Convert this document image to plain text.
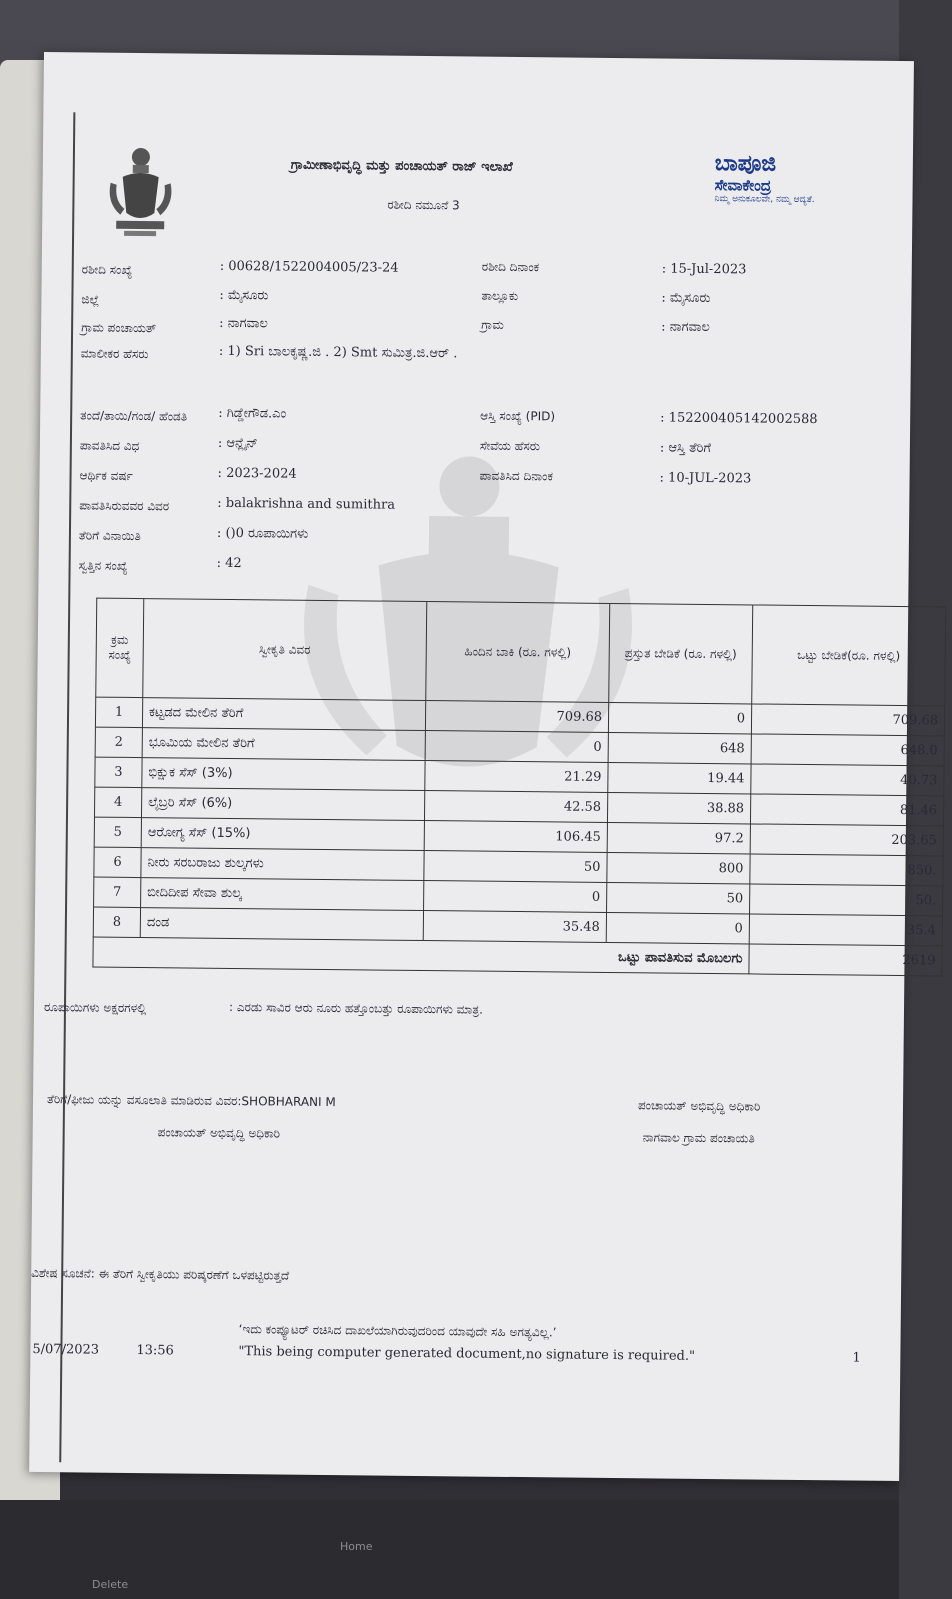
Delete
Home
ಗ್ರಾಮೀಣಾಭಿವೃದ್ಧಿ ಮತ್ತು ಪಂಚಾಯತ್ ರಾಜ್ ಇಲಾಖೆ
ರಶೀದಿ ನಮೂನೆ 3
ಬಾಪೂಜಿ
ಸೇವಾಕೇಂದ್ರ
ನಿಮ್ಮ ಅನುಕೂಲವೇ, ನಮ್ಮ ಆದ್ಯತೆ.
ರಶೀದಿ ಸಂಖ್ಯೆ	: 00628/1522004005/23-24	ರಶೀದಿ ದಿನಾಂಕ	: 15-Jul-2023
ಜಿಲ್ಲೆ	: ಮೈಸೂರು	ತಾಲ್ಲೂಕು	: ಮೈಸೂರು
ಗ್ರಾಮ ಪಂಚಾಯತ್	: ನಾಗವಾಲ	ಗ್ರಾಮ	: ನಾಗವಾಲ
ಮಾಲೀಕರ ಹೆಸರು	: 1) Sri ಬಾಲಕೃಷ್ಣ.ಜಿ . 2) Smt ಸುಮಿತ್ರ.ಜಿ.ಆರ್ .
ತಂದೆ/ತಾಯಿ/ಗಂಡ/ ಹೆಂಡತಿ : ಗಿಡ್ಡೇಗೌಡ.ಎಂ	ಆಸ್ತಿ ಸಂಖ್ಯೆ (PID)	: 152200405142002588
ಪಾವತಿಸಿದ ವಿಧ	: ಆನ್ಲೈನ್	ಸೇವೆಯ ಹೆಸರು	: ಆಸ್ತಿ ತೆರಿಗೆ
ಆರ್ಥಿಕ ವರ್ಷ	: 2023-2024	ಪಾವತಿಸಿದ ದಿನಾಂಕ	: 10-JUL-2023
ಪಾವತಿಸಿರುವವರ ವಿವರ	: balakrishna and sumithra
ತೆರಿಗೆ ವಿನಾಯಿತಿ	: ()0 ರೂಪಾಯಿಗಳು
ಸ್ವತ್ತಿನ ಸಂಖ್ಯೆ	: 42
ಕ್ರಮ ಸಂಖ್ಯೆ	ಸ್ವೀಕೃತಿ ವಿವರ	ಹಿಂದಿನ ಬಾಕಿ (ರೂ. ಗಳಲ್ಲಿ)	ಪ್ರಸ್ತುತ ಬೇಡಿಕೆ (ರೂ. ಗಳಲ್ಲಿ)	ಒಟ್ಟು ಬೇಡಿಕೆ(ರೂ. ಗಳಲ್ಲಿ)
1	ಕಟ್ಟಡದ ಮೇಲಿನ ತೆರಿಗೆ	709.68	0	709.68
2	ಭೂಮಿಯ ಮೇಲಿನ ತೆರಿಗೆ	0	648	648.0
3	ಭಿಕ್ಷುಕ ಸೆಸ್ (3%)	21.29	19.44	40.73
4	ಲೈಬ್ರರಿ ಸೆಸ್ (6%)	42.58	38.88	81.46
5	ಆರೋಗ್ಯ ಸೆಸ್ (15%)	106.45	97.2	203.65
6	ನೀರು ಸರಬರಾಜು ಶುಲ್ಕಗಳು	50	800	850.
7	ಬೀದಿದೀಪ ಸೇವಾ ಶುಲ್ಕ	0	50	50.
8	ದಂಡ	35.48	0	35.4
ಒಟ್ಟು ಪಾವತಿಸುವ ಮೊಬಲಗು				2619
ರೂಪಾಯಿಗಳು ಅಕ್ಷರಗಳಲ್ಲಿ	: ಎರಡು ಸಾವಿರ ಆರು ನೂರು ಹತ್ತೊಂಬತ್ತು ರೂಪಾಯಿಗಳು ಮಾತ್ರ.
ತೆರಿಗೆ/ಫೀಜು ಯನ್ನು ವಸೂಲಾತಿ ಮಾಡಿರುವ ವಿವರ:SHOBHARANI M
ಪಂಚಾಯತ್ ಅಭಿವೃದ್ಧಿ ಅಧಿಕಾರಿ
ಪಂಚಾಯತ್ ಅಭಿವೃದ್ಧಿ ಅಧಿಕಾರಿ
ನಾಗವಾಲ ಗ್ರಾಮ ಪಂಚಾಯತಿ
ವಿಶೇಷ ಸೂಚನೆ: ಈ ತೆರಿಗೆ ಸ್ವೀಕೃತಿಯು ಪರಿಷ್ಕರಣೆಗೆ ಒಳಪಟ್ಟಿರುತ್ತದೆ
‘ಇದು ಕಂಪ್ಯೂಟರ್ ರಚಿಸಿದ ದಾಖಲೆಯಾಗಿರುವುದರಿಂದ ಯಾವುದೇ ಸಹಿ ಅಗತ್ಯವಿಲ್ಲ.’
5/07/2023	13:56	"This being computer generated document,no signature is required."	1
